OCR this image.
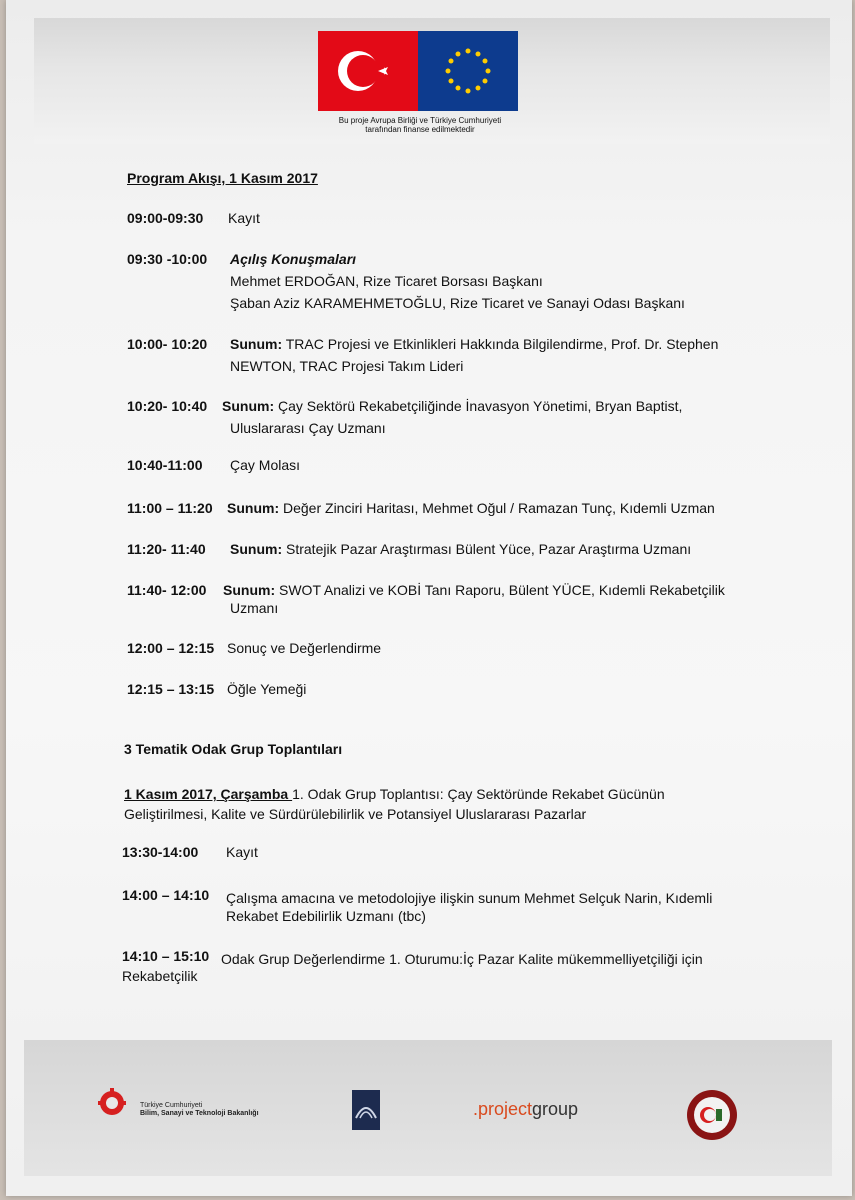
Bu proje Avrupa Birliği ve Türkiye Cumhuriyeti
tarafından finanse edilmektedir
Program Akışı, 1 Kasım 2017
09:00-09:30 Kayıt
09:30 -10:00 Açılış Konuşmaları
Mehmet ERDOĞAN, Rize Ticaret Borsası Başkanı
Şaban Aziz KARAMEHMETOĞLU, Rize Ticaret ve Sanayi Odası Başkanı
10:00- 10:20 Sunum: TRAC Projesi ve Etkinlikleri Hakkında Bilgilendirme, Prof. Dr. Stephen
NEWTON, TRAC Projesi Takım Lideri
10:20- 10:40 Sunum: Çay Sektörü Rekabetçiliğinde İnavasyon Yönetimi, Bryan Baptist,
Uluslararası Çay Uzmanı
10:40-11:00 Çay Molası
11:00 – 11:20 Sunum: Değer Zinciri Haritası, Mehmet Oğul / Ramazan Tunç, Kıdemli Uzman
11:20- 11:40 Sunum: Stratejik Pazar Araştırması Bülent Yüce, Pazar Araştırma Uzmanı
11:40- 12:00 Sunum: SWOT Analizi ve KOBİ Tanı Raporu, Bülent YÜCE, Kıdemli Rekabetçilik
Uzmanı
12:00 – 12:15 Sonuç ve Değerlendirme
12:15 – 13:15 Öğle Yemeği
3 Tematik Odak Grup Toplantıları
1 Kasım 2017, Çarşamba 1. Odak Grup Toplantısı: Çay Sektöründe Rekabet Gücünün
Geliştirilmesi, Kalite ve Sürdürülebilirlik ve Potansiyel Uluslararası Pazarlar
13:30-14:00 Kayıt
14:00 – 14:10 Çalışma amacına ve metodolojiye ilişkin sunum Mehmet Selçuk Narin, Kıdemli
Rekabet Edebilirlik Uzmanı (tbc)
14:10 – 15:10 Odak Grup Değerlendirme 1. Oturumu:İç Pazar Kalite mükemmelliyetçiliği için
Rekabetçilik
Türkiye Cumhuriyeti
Bilim, Sanayi ve Teknoloji Bakanlığı	.projectgroup
